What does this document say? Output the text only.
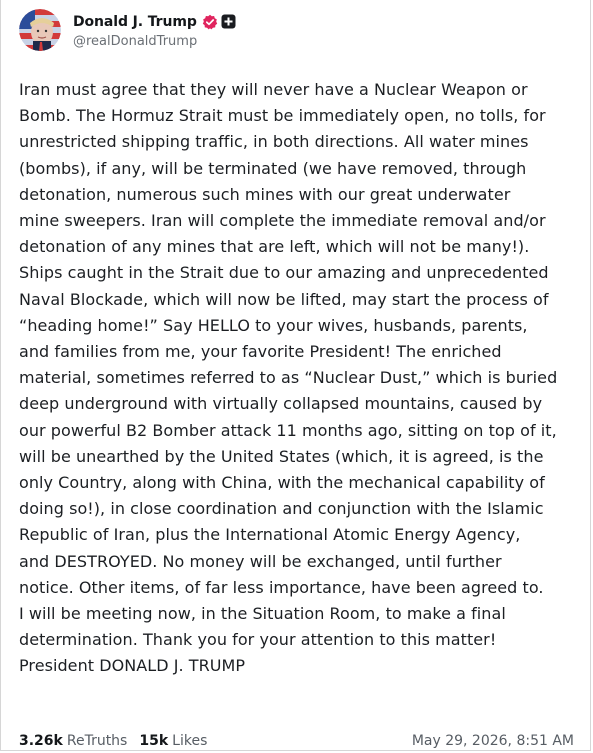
Donald J. Trump
@realDonaldTrump

Iran must agree that they will never have a Nuclear Weapon or
Bomb. The Hormuz Strait must be immediately open, no tolls, for
unrestricted shipping traffic, in both directions. All water mines
(bombs), if any, will be terminated (we have removed, through
detonation, numerous such mines with our great underwater
mine sweepers. Iran will complete the immediate removal and/or
detonation of any mines that are left, which will not be many!).
Ships caught in the Strait due to our amazing and unprecedented
Naval Blockade, which will now be lifted, may start the process of
“heading home!” Say HELLO to your wives, husbands, parents,
and families from me, your favorite President! The enriched
material, sometimes referred to as “Nuclear Dust,” which is buried
deep underground with virtually collapsed mountains, caused by
our powerful B2 Bomber attack 11 months ago, sitting on top of it,
will be unearthed by the United States (which, it is agreed, is the
only Country, along with China, with the mechanical capability of
doing so!), in close coordination and conjunction with the Islamic
Republic of Iran, plus the International Atomic Energy Agency,
and DESTROYED. No money will be exchanged, until further
notice. Other items, of far less importance, have been agreed to.
I will be meeting now, in the Situation Room, to make a final
determination. Thank you for your attention to this matter!
President DONALD J. TRUMP

3.26k ReTruths 15k Likes	May 29, 2026, 8:51 AM
